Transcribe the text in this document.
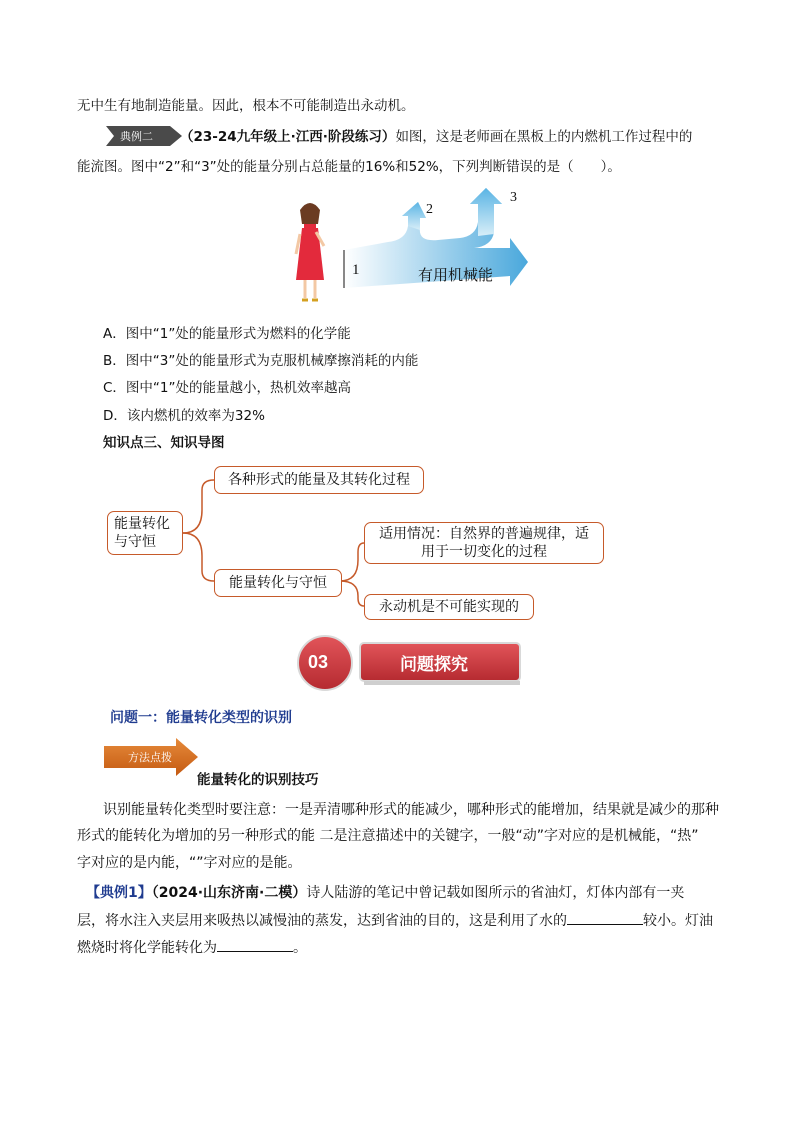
无中生有地制造能量。因此，根本不可能制造出永动机。
典例二 （23-24九年级上·江西·阶段练习）如图，这是老师画在黑板上的内燃机工作过程中的
能流图。图中“2”和“3”处的能量分别占总能量的16%和52%，下列判断错误的是（　　）。
1
2
3
有用机械能
A．图中“1”处的能量形式为燃料的化学能
B．图中“3”处的能量形式为克服机械摩擦消耗的内能
C．图中“1”处的能量越小，热机效率越高
D．该内燃机的效率为32%
知识点三、知识导图
能量转化
与守恒
各种形式的能量及其转化过程
能量转化与守恒
适用情况：自然界的普遍规律，适
用于一切变化的过程
永动机是不可能实现的
03	问题探究
问题一：能量转化类型的识别
方法点拨
能量转化的识别技巧
识别能量转化类型时要注意：一是弄清哪种形式的能减少，哪种形式的能增加，结果就是减少的那种
形式的能转化为增加的另一种形式的能 二是注意描述中的关键字，一般“动”字对应的是机械能，“热”
字对应的是内能，“”字对应的是能。
【典例1】（2024·山东济南·二模）诗人陆游的笔记中曾记载如图所示的省油灯，灯体内部有一夹
层，将水注入夹层用来吸热以减慢油的蒸发，达到省油的目的，这是利用了水的	较小。灯油
燃烧时将化学能转化为	。
